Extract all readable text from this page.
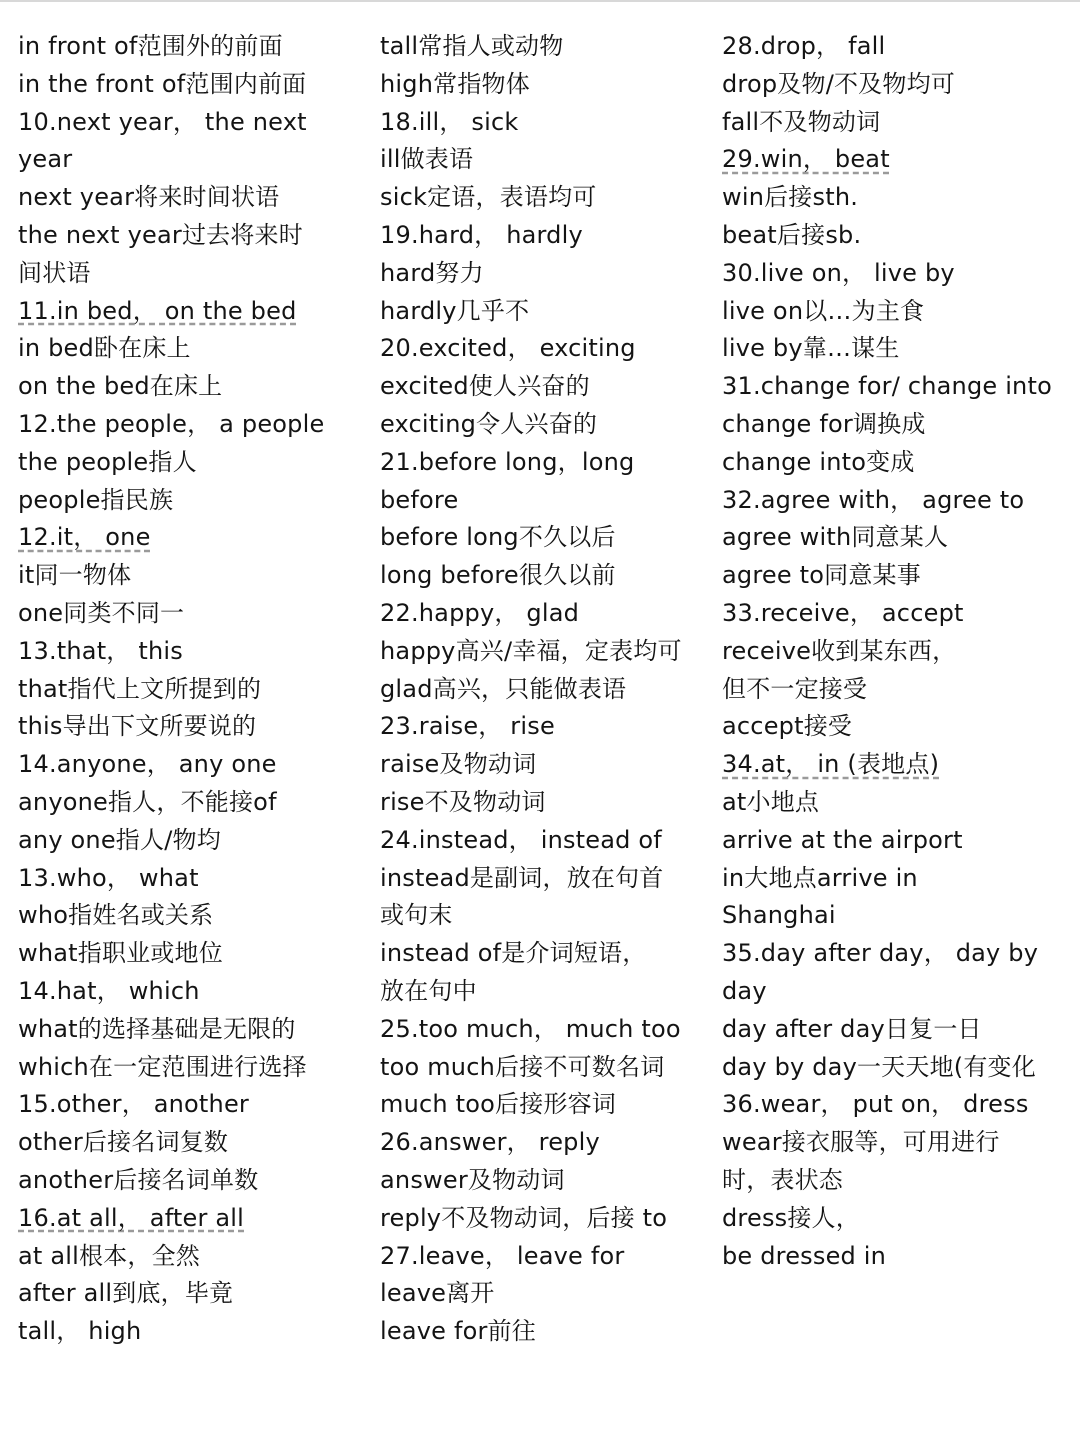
in front of范围外的前面
in the front of范围内前面
10.next year， the next
year
next year将来时间状语
the next year过去将来时
间状语
11.in bed， on the bed
in bed卧在床上
on the bed在床上
12.the people， a people
the people指人
people指民族
12.it， one
it同一物体
one同类不同一
13.that， this
that指代上文所提到的
this导出下文所要说的
14.anyone， any one
anyone指人，不能接of
any one指人/物均
13.who， what
who指姓名或关系
what指职业或地位
14.hat， which
what的选择基础是无限的
which在一定范围进行选择
15.other， another
other后接名词复数
another后接名词单数
16.at all， after all
at all根本，全然
after all到底，毕竟
tall， high
tall常指人或动物
high常指物体
18.ill， sick
ill做表语
sick定语，表语均可
19.hard， hardly
hard努力
hardly几乎不
20.excited， exciting
excited使人兴奋的
exciting令人兴奋的
21.before long，long
before
before long不久以后
long before很久以前
22.happy， glad
happy高兴/幸福，定表均可
glad高兴，只能做表语
23.raise， rise
raise及物动词
rise不及物动词
24.instead， instead of
instead是副词，放在句首
或句末
instead of是介词短语，
放在句中
25.too much， much too
too much后接不可数名词
much too后接形容词
26.answer， reply
answer及物动词
reply不及物动词，后接 to
27.leave， leave for
leave离开
leave for前往
28.drop， fall
drop及物/不及物均可
fall不及物动词
29.win， beat
win后接sth.
beat后接sb.
30.live on， live by
live on以…为主食
live by靠…谋生
31.change for/ change into
change for调换成
change into变成
32.agree with， agree to
agree with同意某人
agree to同意某事
33.receive， accept
receive收到某东西，
但不一定接受
accept接受
34.at， in (表地点)
at小地点
arrive at the airport
in大地点arrive in
Shanghai
35.day after day， day by
day
day after day日复一日
day by day一天天地(有变化
36.wear， put on， dress
wear接衣服等，可用进行
时，表状态
dress接人，
be dressed in
